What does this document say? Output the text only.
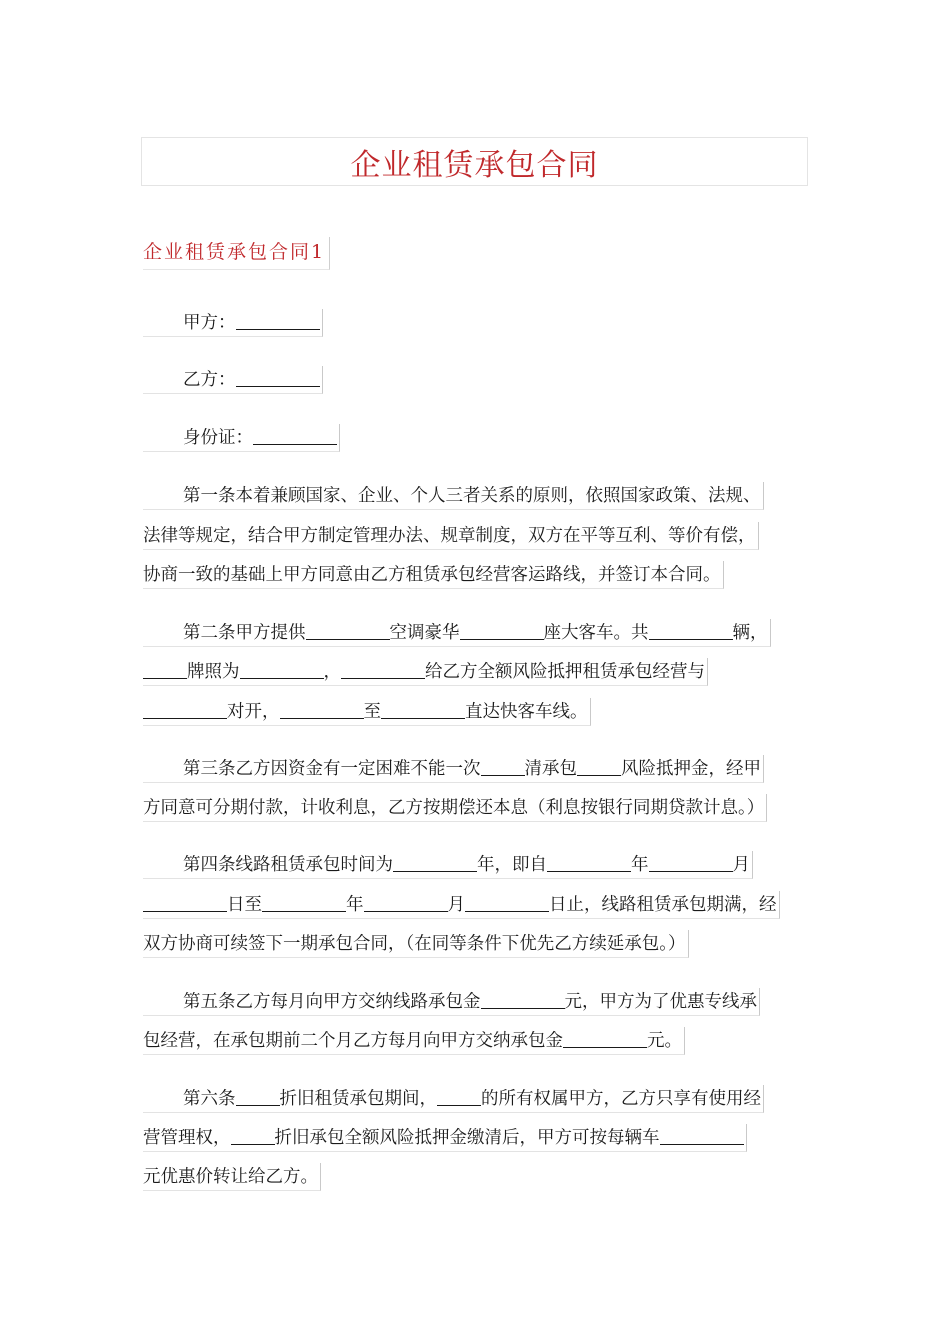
企业租赁承包合同
企业租赁承包合同1
甲方：
乙方：
身份证：
第一条本着兼顾国家、企业、个人三者关系的原则，依照国家政策、法规、
法律等规定，结合甲方制定管理办法、规章制度，双方在平等互利、等价有偿，
协商一致的基础上甲方同意由乙方租赁承包经营客运路线，并签订本合同。
第二条甲方提供	空调豪华	座大客车。共	辆，
牌照为	，	给乙方全额风险抵押租赁承包经营与
对开，	至	直达快客车线。
第三条乙方因资金有一定困难不能一次	清承包	风险抵押金，经甲
方同意可分期付款，计收利息，乙方按期偿还本息（利息按银行同期贷款计息。）
第四条线路租赁承包时间为	年，即自	年	月
日至	年	月	日止，线路租赁承包期满，经
双方协商可续签下一期承包合同，（在同等条件下优先乙方续延承包。）
第五条乙方每月向甲方交纳线路承包金	元，甲方为了优惠专线承
包经营，在承包期前二个月乙方每月向甲方交纳承包金	元。
第六条	折旧租赁承包期间，	的所有权属甲方，乙方只享有使用经
营管理权，	折旧承包全额风险抵押金缴清后，甲方可按每辆车
元优惠价转让给乙方。
